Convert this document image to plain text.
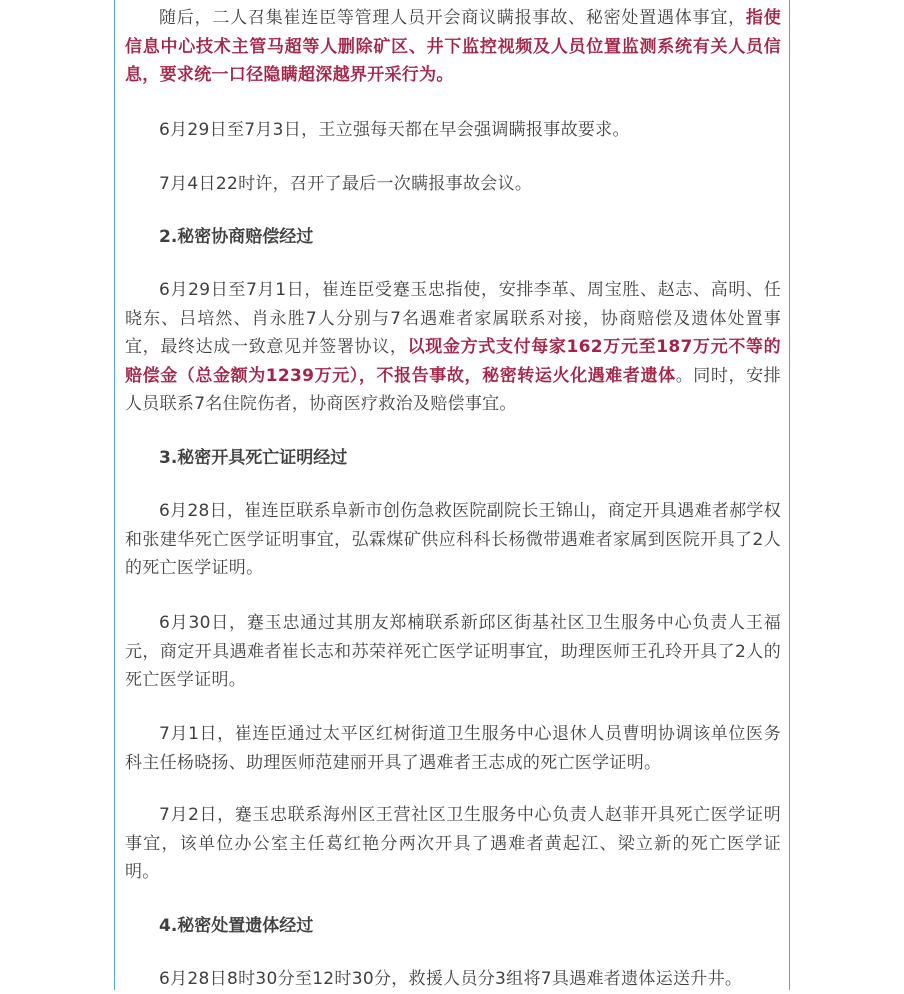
随后，二人召集崔连臣等管理人员开会商议瞒报事故、秘密处置遇体事宜，指使信息中心技术主管马超等人删除矿区、井下监控视频及人员位置监测系统有关人员信息，要求统一口径隐瞒超深越界开采行为。

6月29日至7月3日，王立强每天都在早会强调瞒报事故要求。

7月4日22时许，召开了最后一次瞒报事故会议。

2.秘密协商赔偿经过

6月29日至7月1日，崔连臣受蹇玉忠指使，安排李革、周宝胜、赵志、高明、任晓东、吕培然、肖永胜7人分别与7名遇难者家属联系对接，协商赔偿及遗体处置事宜，最终达成一致意见并签署协议，以现金方式支付每家162万元至187万元不等的赔偿金（总金额为1239万元），不报告事故，秘密转运火化遇难者遗体。同时，安排人员联系7名住院伤者，协商医疗救治及赔偿事宜。

3.秘密开具死亡证明经过

6月28日，崔连臣联系阜新市创伤急救医院副院长王锦山，商定开具遇难者郝学权和张建华死亡医学证明事宜，弘霖煤矿供应科科长杨微带遇难者家属到医院开具了2人的死亡医学证明。

6月30日，蹇玉忠通过其朋友郑楠联系新邱区街基社区卫生服务中心负责人王福元，商定开具遇难者崔长志和苏荣祥死亡医学证明事宜，助理医师王孔玲开具了2人的死亡医学证明。

7月1日，崔连臣通过太平区红树街道卫生服务中心退休人员曹明协调该单位医务科主任杨晓扬、助理医师范建丽开具了遇难者王志成的死亡医学证明。

7月2日，蹇玉忠联系海州区王营社区卫生服务中心负责人赵菲开具死亡医学证明事宜，该单位办公室主任葛红艳分两次开具了遇难者黄起江、梁立新的死亡医学证明。

4.秘密处置遗体经过

6月28日8时30分至12时30分，救援人员分3组将7具遇难者遗体运送升井。
